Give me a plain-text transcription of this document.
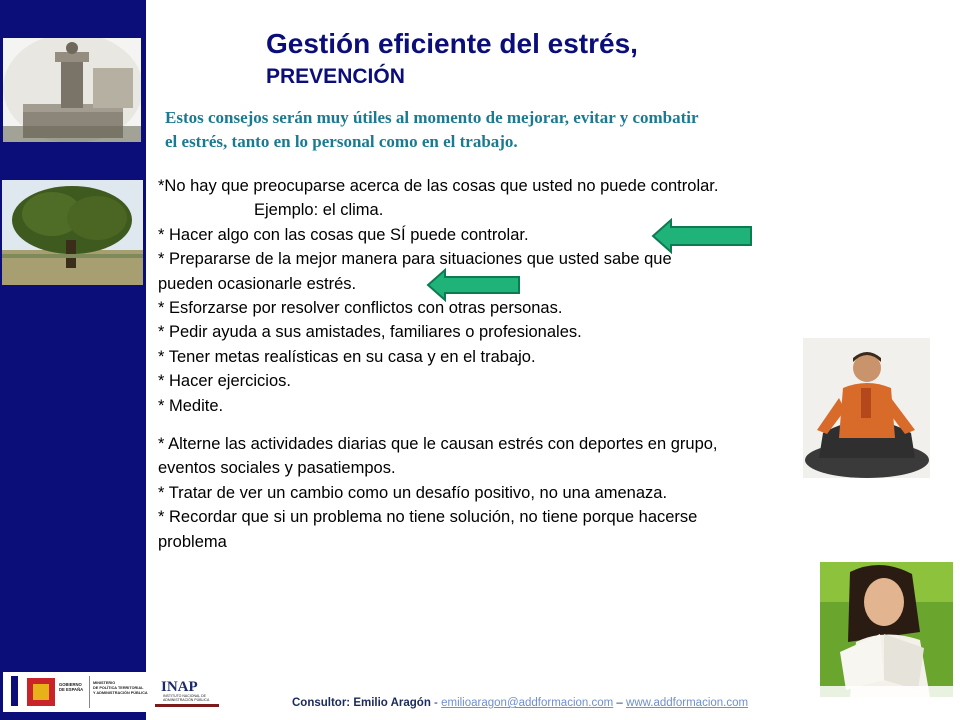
Gestión eficiente del estrés,
PREVENCIÓN
Estos consejos serán muy útiles al momento de mejorar, evitar y combatir
el estrés, tanto en lo personal como en el trabajo.
*No hay que preocuparse acerca de las cosas que usted no puede controlar.
Ejemplo: el clima.
* Hacer algo con las cosas que SÍ puede controlar.
* Prepararse de la mejor manera para situaciones que usted sabe que
pueden ocasionarle estrés.
* Esforzarse por resolver conflictos con otras personas.
* Pedir ayuda a sus amistades, familiares o profesionales.
* Tener metas realísticas en su casa y en el trabajo.
* Hacer ejercicios.
* Medite.
* Alterne las actividades diarias que le causan estrés con deportes en grupo,
eventos sociales y pasatiempos.
* Tratar de ver un cambio como un desafío positivo, no una amenaza.
* Recordar que si un problema no tiene solución, no tiene porque hacerse
problema
GOBIERNO
DE ESPAÑA
MINISTERIO
DE POLÍTICA TERRITORIAL
Y ADMINISTRACIÓN PÚBLICA INAP
INSTITUTO NACIONAL DE
ADMINISTRACIÓN PÚBLICA	Consultor: Emilio Aragón - emilioaragon@addformacion.com – www.addformacion.com
